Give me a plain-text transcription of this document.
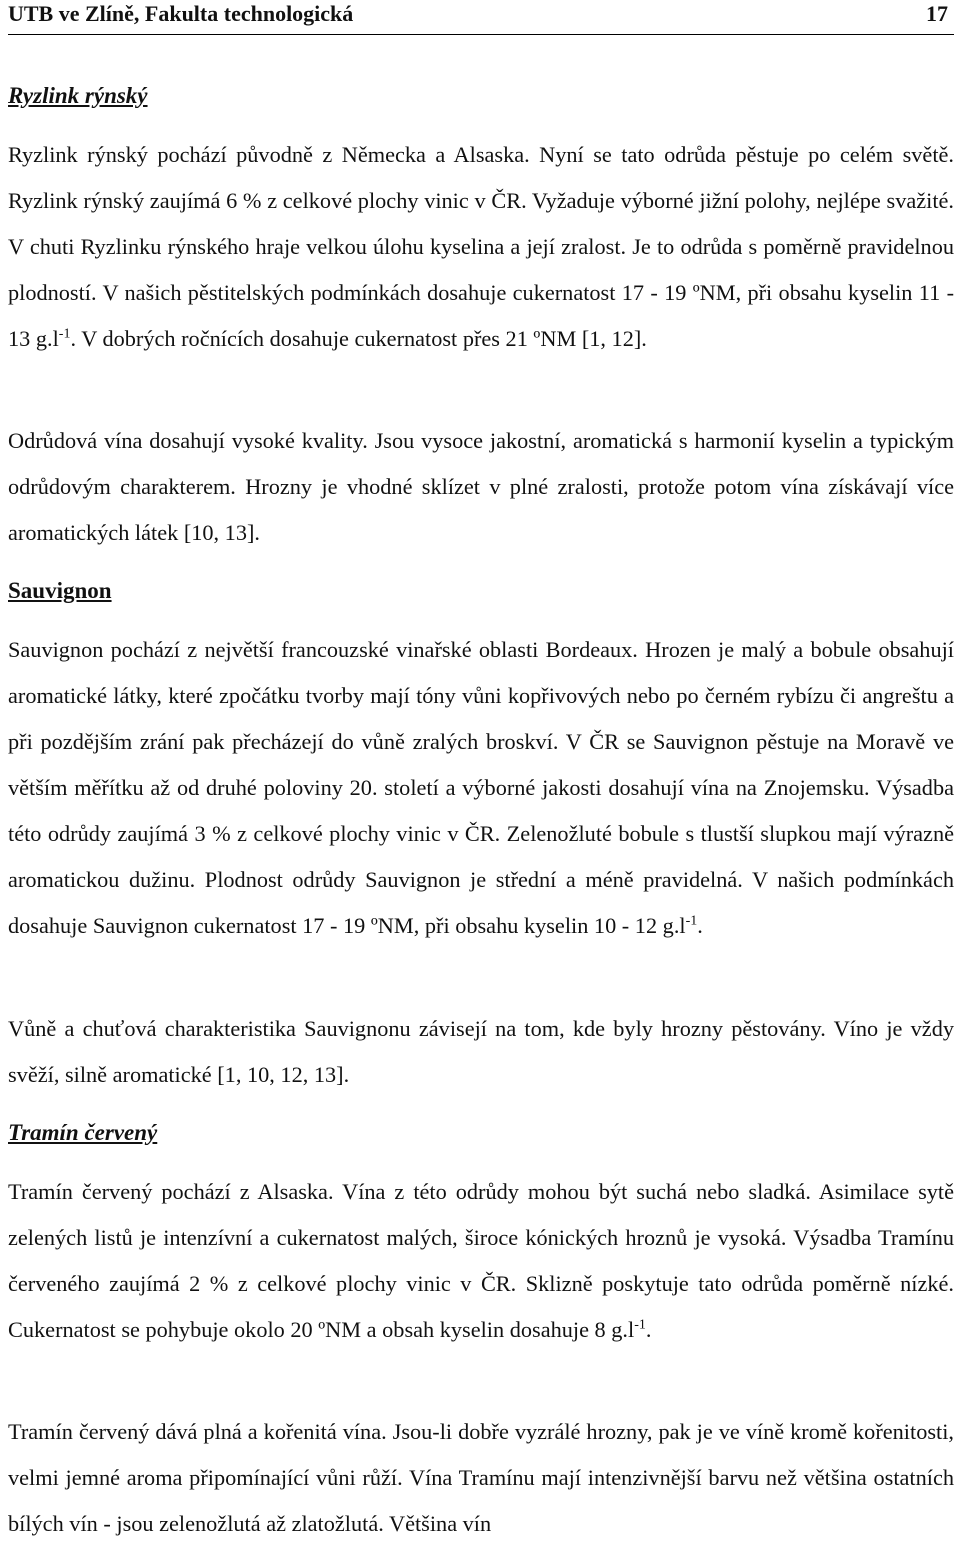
UTB ve Zlíně, Fakulta technologická	17
Ryzlink rýnský

Ryzlink rýnský pochází původně z Německa a Alsaska. Nyní se tato odrůda pěstuje po celém světě. Ryzlink rýnský zaujímá 6 % z celkové plochy vinic v ČR. Vyžaduje výborné jižní polohy, nejlépe svažité. V chuti Ryzlinku rýnského hraje velkou úlohu kyselina a její zralost. Je to odrůda s poměrně pravidelnou plodností. V našich pěstitelských podmínkách dosahuje cukernatost 17 - 19 ºNM, při obsahu kyselin 11 - 13 $g.l^{-1}$. V dobrých ročnících dosahuje cukernatost přes 21 ºNM [1, 12].

Odrůdová vína dosahují vysoké kvality. Jsou vysoce jakostní, aromatická s harmonií kyselin a typickým odrůdovým charakterem. Hrozny je vhodné sklízet v plné zralosti, protože potom vína získávají více aromatických látek [10, 13].

Sauvignon

Sauvignon pochází z největší francouzské vinařské oblasti Bordeaux. Hrozen je malý a bobule obsahují aromatické látky, které zpočátku tvorby mají tóny vůni kopřivových nebo po černém rybízu či angreštu a při pozdějším zrání pak přecházejí do vůně zralých broskví. V ČR se Sauvignon pěstuje na Moravě ve větším měřítku až od druhé poloviny 20. století a výborné jakosti dosahují vína na Znojemsku. Výsadba této odrůdy zaujímá 3 % z celkové plochy vinic v ČR. Zelenožluté bobule s tlustší slupkou mají výrazně aromatickou dužinu. Plodnost odrůdy Sauvignon je střední a méně pravidelná. V našich podmínkách dosahuje Sauvignon cukernatost 17 - 19 ºNM, při obsahu kyselin 10 - 12 $g.l^{-1}$.

Vůně a chuťová charakteristika Sauvignonu závisejí na tom, kde byly hrozny pěstovány. Víno je vždy svěží, silně aromatické [1, 10, 12, 13].

Tramín červený

Tramín červený pochází z Alsaska. Vína z této odrůdy mohou být suchá nebo sladká. Asimilace sytě zelených listů je intenzívní a cukernatost malých, široce kónických hroznů je vysoká. Výsadba Tramínu červeného zaujímá 2 % z celkové plochy vinic v ČR. Sklizně poskytuje tato odrůda poměrně nízké. Cukernatost se pohybuje okolo 20 ºNM a obsah kyselin dosahuje 8 $g.l^{-1}$.

Tramín červený dává plná a kořenitá vína. Jsou-li dobře vyzrálé hrozny, pak je ve víně kromě kořenitosti, velmi jemné aroma připomínající vůni růží. Vína Tramínu mají intenzivnější barvu než většina ostatních bílých vín - jsou zelenožlutá až zlatožlutá. Většina vín
